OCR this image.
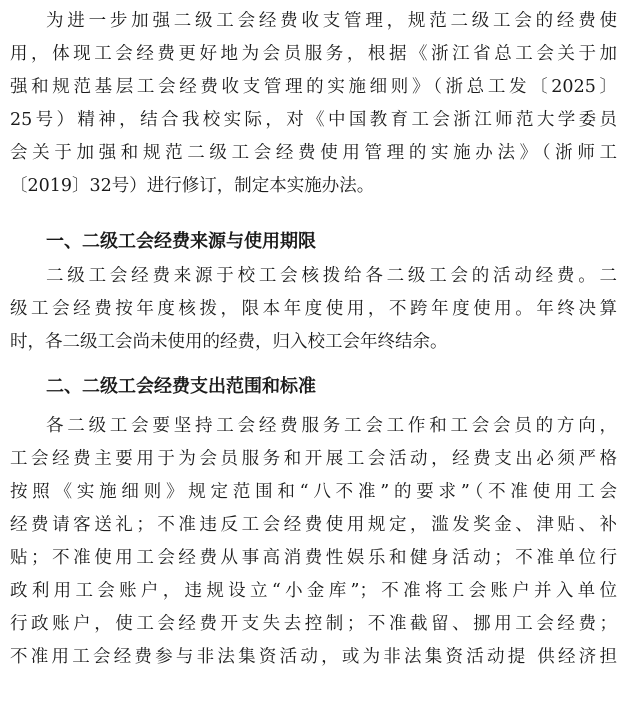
为进一步加强二级工会经费收支管理，规范二级工会的经费使
用，体现工会经费更好地为会员服务，根据《浙江省总工会关于加
强和规范基层工会经费收支管理的实施细则》（浙总工发〔2025〕
25号）精神，结合我校实际，对《中国教育工会浙江师范大学委员
会关于加强和规范二级工会经费使用管理的实施办法》（浙师工
〔2019〕32号）进行修订，制定本实施办法。
一、二级工会经费来源与使用期限
二级工会经费来源于校工会核拨给各二级工会的活动经费。二
级工会经费按年度核拨，限本年度使用，不跨年度使用。年终决算
时，各二级工会尚未使用的经费，归入校工会年终结余。
二、二级工会经费支出范围和标准
各二级工会要坚持工会经费服务工会工作和工会会员的方向，
工会经费主要用于为会员服务和开展工会活动，经费支出必须严格
按照《实施细则》规定范围和“八不准”的要求”（不准使用工会
经费请客送礼；不准违反工会经费使用规定，滥发奖金、津贴、补
贴；不准使用工会经费从事高消费性娱乐和健身活动；不准单位行
政利用工会账户，违规设立“小金库”；不准将工会账户并入单位
行政账户，使工会经费开支失去控制；不准截留、挪用工会经费；
不准用工会经费参与非法集资活动，或为非法集资活动提 供经济担
